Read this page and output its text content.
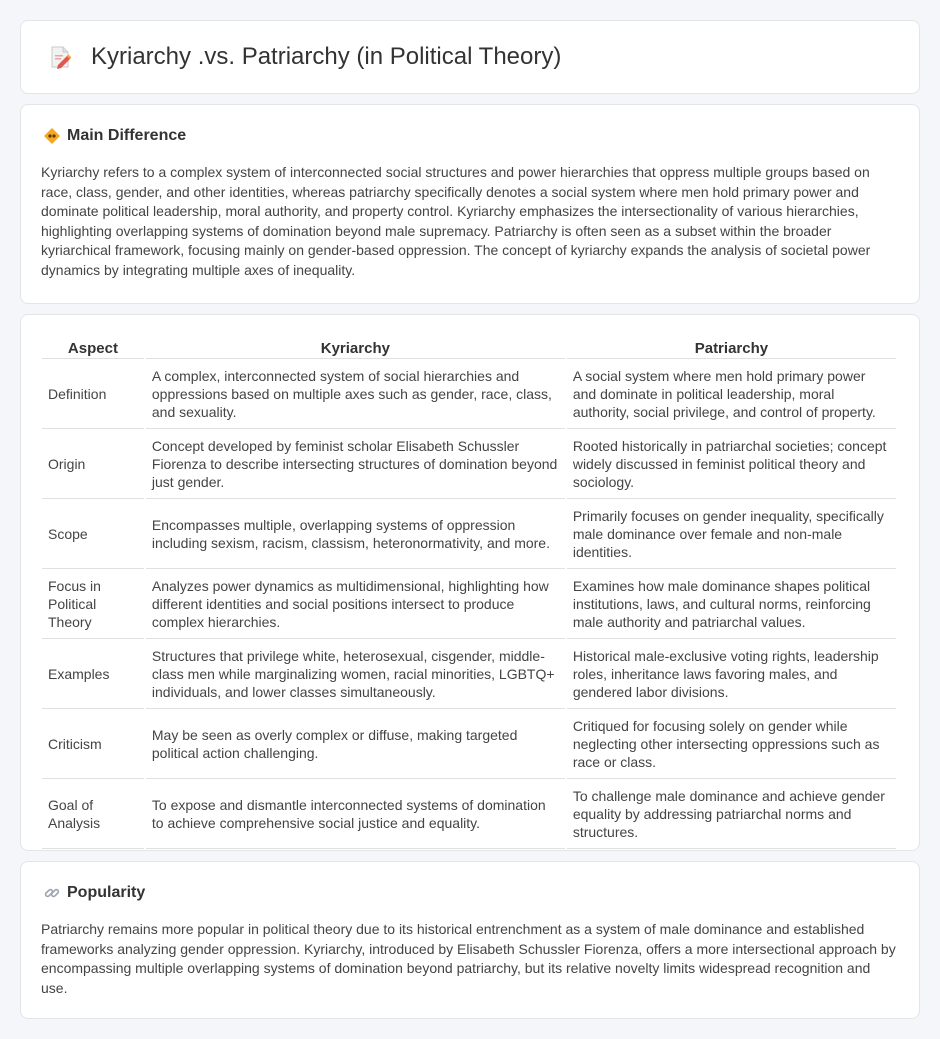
Kyriarchy .vs. Patriarchy (in Political Theory)
Main Difference

Kyriarchy refers to a complex system of interconnected social structures and power hierarchies that oppress multiple groups based on race, class, gender, and other identities, whereas patriarchy specifically denotes a social system where men hold primary power and dominate political leadership, moral authority, and property control. Kyriarchy emphasizes the intersectionality of various hierarchies, highlighting overlapping systems of domination beyond male supremacy. Patriarchy is often seen as a subset within the broader kyriarchical framework, focusing mainly on gender-based oppression. The concept of kyriarchy expands the analysis of societal power dynamics by integrating multiple axes of inequality.

Aspect	Kyriarchy	Patriarchy
Definition	A complex, interconnected system of social hierarchies and oppressions based on multiple axes such as gender, race, class, and sexuality.	A social system where men hold primary power and dominate in political leadership, moral authority, social privilege, and control of property.
Origin	Concept developed by feminist scholar Elisabeth Schussler Fiorenza to describe intersecting structures of domination beyond just gender.	Rooted historically in patriarchal societies; concept widely discussed in feminist political theory and sociology.
Scope	Encompasses multiple, overlapping systems of oppression including sexism, racism, classism, heteronormativity, and more.	Primarily focuses on gender inequality, specifically male dominance over female and non-male identities.
Focus in Political Theory	Analyzes power dynamics as multidimensional, highlighting how different identities and social positions intersect to produce complex hierarchies.	Examines how male dominance shapes political institutions, laws, and cultural norms, reinforcing male authority and patriarchal values.
Examples	Structures that privilege white, heterosexual, cisgender, middle-class men while marginalizing women, racial minorities, LGBTQ+ individuals, and lower classes simultaneously.	Historical male-exclusive voting rights, leadership roles, inheritance laws favoring males, and gendered labor divisions.
Criticism	May be seen as overly complex or diffuse, making targeted political action challenging.	Critiqued for focusing solely on gender while neglecting other intersecting oppressions such as race or class.
Goal of Analysis	To expose and dismantle interconnected systems of domination to achieve comprehensive social justice and equality.	To challenge male dominance and achieve gender equality by addressing patriarchal norms and structures.
Popularity

Patriarchy remains more popular in political theory due to its historical entrenchment as a system of male dominance and established frameworks analyzing gender oppression. Kyriarchy, introduced by Elisabeth Schussler Fiorenza, offers a more intersectional approach by encompassing multiple overlapping systems of domination beyond patriarchy, but its relative novelty limits widespread recognition and use.
